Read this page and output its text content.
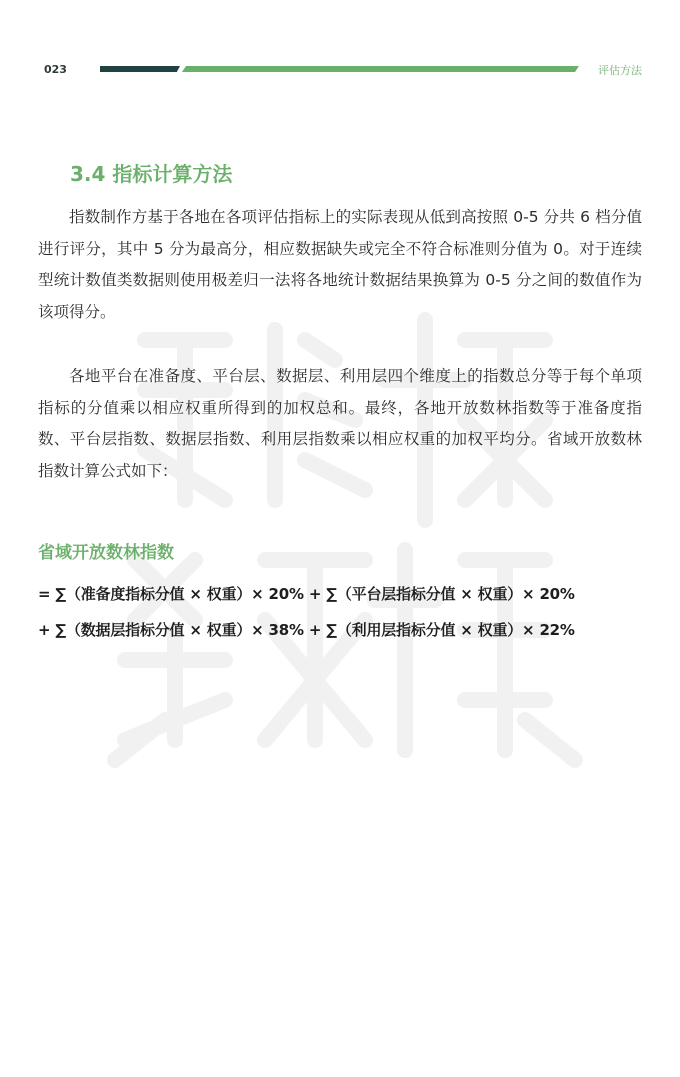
023	评估方法
3.4 指标计算方法

指数制作方基于各地在各项评估指标上的实际表现从低到高按照 0-5 分共 6 档分值进行评分，其中 5 分为最高分，相应数据缺失或完全不符合标准则分值为 0。对于连续型统计数值类数据则使用极差归一法将各地统计数据结果换算为 0-5 分之间的数值作为该项得分。

各地平台在准备度、平台层、数据层、利用层四个维度上的指数总分等于每个单项指标的分值乘以相应权重所得到的加权总和。最终，各地开放数林指数等于准备度指数、平台层指数、数据层指数、利用层指数乘以相应权重的加权平均分。省域开放数林指数计算公式如下：

省域开放数林指数
= ∑（准备度指标分值 × 权重）× 20% + ∑（平台层指标分值 × 权重）× 20%
+ ∑（数据层指标分值 × 权重）× 38% + ∑（利用层指标分值 × 权重）× 22%
